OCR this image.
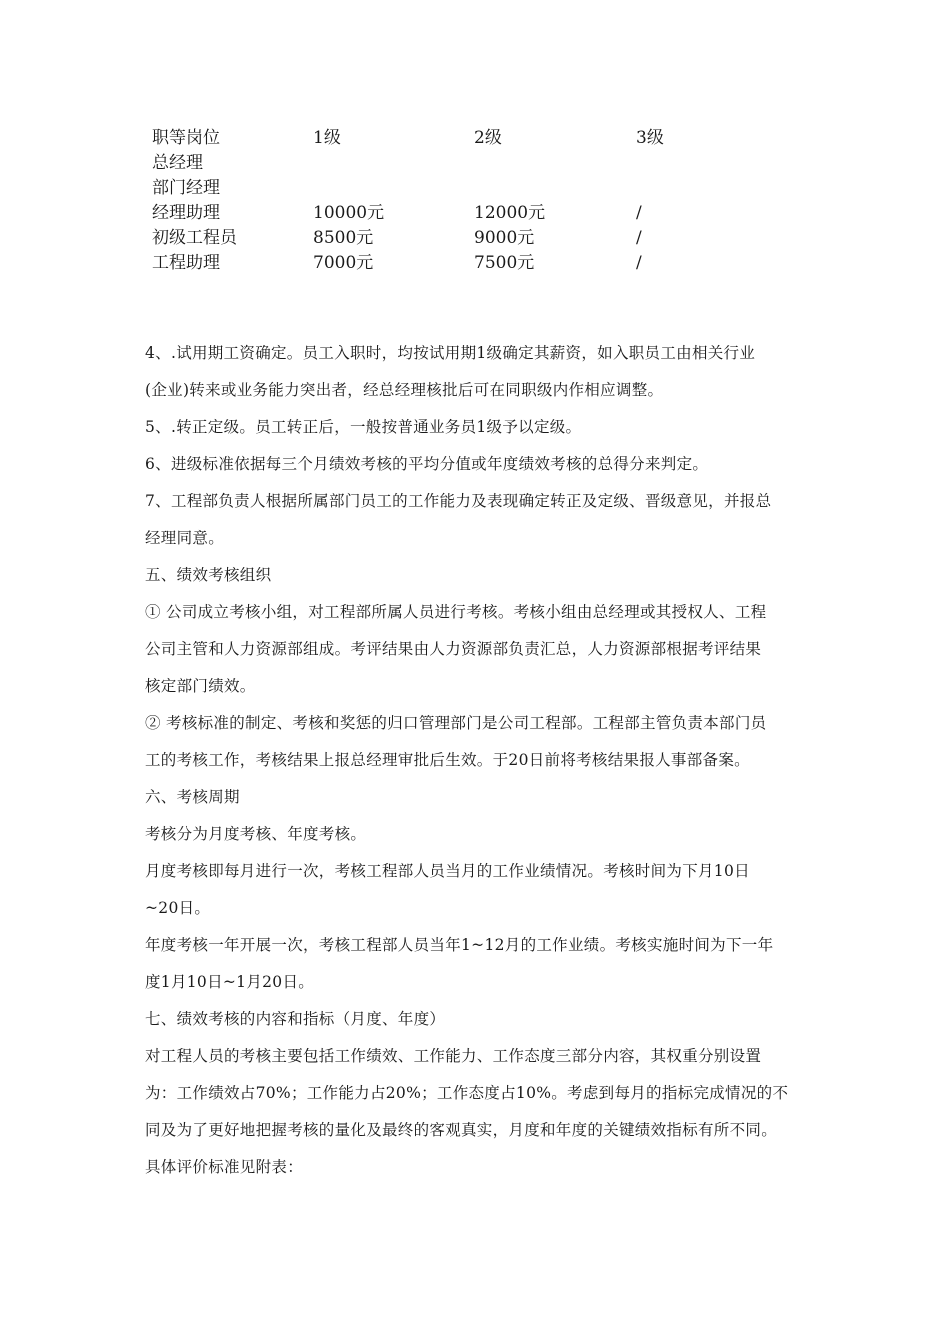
职等岗位	1级	2级	3级
总经理
部门经理
经理助理	10000元	12000元	/
初级工程员	8500元	9000元	/
工程助理	7000元	7500元	/

4、.试用期工资确定。员工入职时，均按试用期1级确定其薪资，如入职员工由相关行业

(企业)转来或业务能力突出者，经总经理核批后可在同职级内作相应调整。

5、.转正定级。员工转正后，一般按普通业务员1级予以定级。

6、进级标准依据每三个月绩效考核的平均分值或年度绩效考核的总得分来判定。

7、工程部负责人根据所属部门员工的工作能力及表现确定转正及定级、晋级意见，并报总

经理同意。

五、绩效考核组织

① 公司成立考核小组，对工程部所属人员进行考核。考核小组由总经理或其授权人、工程

公司主管和人力资源部组成。考评结果由人力资源部负责汇总，人力资源部根据考评结果

核定部门绩效。

② 考核标准的制定、考核和奖惩的归口管理部门是公司工程部。工程部主管负责本部门员

工的考核工作，考核结果上报总经理审批后生效。于20日前将考核结果报人事部备案。

六、考核周期

考核分为月度考核、年度考核。

月度考核即每月进行一次，考核工程部人员当月的工作业绩情况。考核时间为下月10日

~20日。

年度考核一年开展一次，考核工程部人员当年1~12月的工作业绩。考核实施时间为下一年

度1月10日~1月20日。

七、绩效考核的内容和指标（月度、年度）

对工程人员的考核主要包括工作绩效、工作能力、工作态度三部分内容，其权重分别设置

为：工作绩效占70%；工作能力占20%；工作态度占10%。考虑到每月的指标完成情况的不

同及为了更好地把握考核的量化及最终的客观真实，月度和年度的关键绩效指标有所不同。

具体评价标准见附表：
